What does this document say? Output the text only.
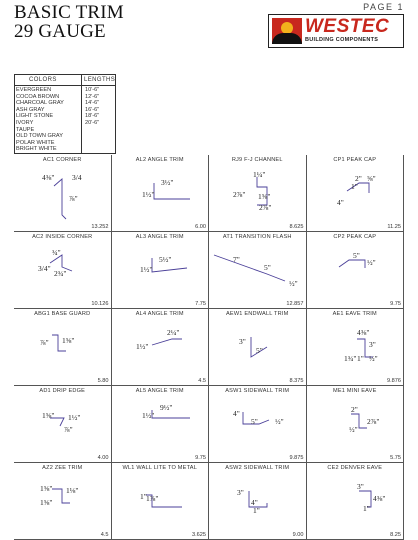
BASIC TRIM
29 GAUGE
PAGE 1
WESTEC
BUILDING COMPONENTS
COLORS	LENGTHS
EVERGREEN
COCOA BROWN
CHARCOAL GRAY
ASH GRAY
LIGHT STONE
IVORY
TAUPE
OLD TOWN GRAY
POLAR WHITE
BRIGHT WHITE
10'-6"
12'-6"
14'-6"
16'-6"
18'-6"
20'-6"
AC1 CORNER
4⅜" 3/4
⅞"
13.252
AL2 ANGLE TRIM
3½"
1½"
6.00
RJ9 F-J CHANNEL
1¼"
2⅞" 1⅝"
2⅞"
8.625
CP1 PEAK CAP
2" ⅝"
1"
4"
11.25
AC2 INSIDE CORNER
¾"
3/4"
2¾"
10.126
AL3 ANGLE TRIM
5½"
1½"
7.75
AT1 TRANSITION FLASH
7"
5"
½"
12.857
CP2 PEAK CAP
5"
½"
9.75
ABG1 BASE GUARD
⅞" 1⅝"
5.80
AL4 ANGLE TRIM
2¼"
1½"
4.5
AEW1 ENDWALL TRIM
3"
5"
8.375
AE1 EAVE TRIM
4⅜"
3"
1¾" 1" ½"
9.876
AD1 DRIP EDGE
1⅝" 1½"
⅞"
4.00
AL5 ANGLE TRIM
9½"
1½"
9.75
ASW1 SIDEWALL TRIM
4"
5" ½"
9.875
ME1 MINI EAVE
2"
2⅞"
½"
5.75
AZ2 ZEE TRIM
1⅝" 1⅛"
1⅝"
4.5
WL1 WALL LITE TO METAL
1" 1⅞"
3.625
ASW2 SIDEWALL TRIM
3"
4"
1"
9.00
CE2 DENVER EAVE
3"
4⅜"
1"
8.25
